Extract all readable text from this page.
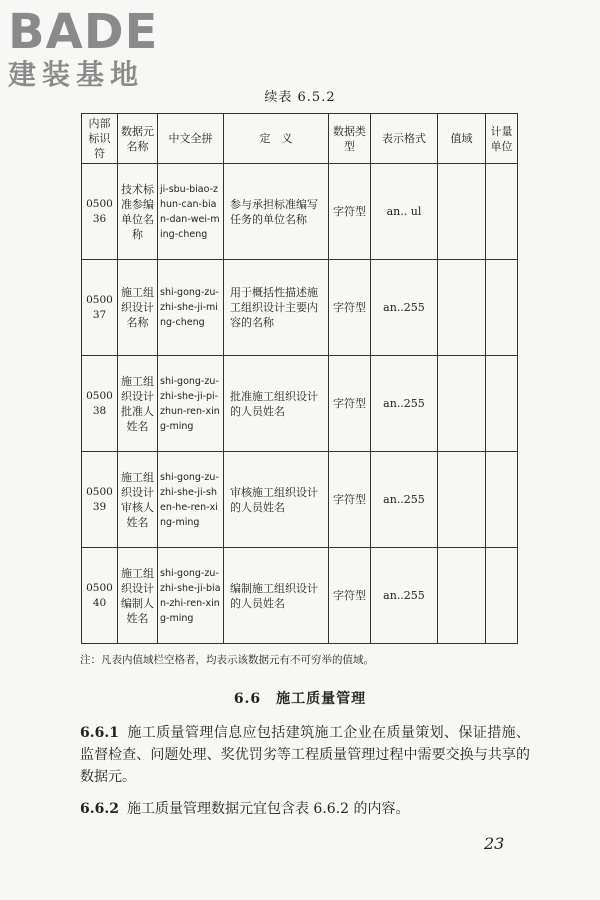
BADE
建装基地
续表 6.5.2
内部标识符	数据元名称	中文全拼	定　义	数据类型	表示格式	值域	计量单位
050036	技术标准参编单位名称	ji-sbu-biao-zhun-can-bian-dan-wei-ming-cheng	参与承担标准编写任务的单位名称	字符型	an.. ul		
050037	施工组织设计名称	shi-gong-zu-zhi-she-ji-ming-cheng	用于概括性描述施工组织设计主要内容的名称	字符型	an..255		
050038	施工组织设计批准人姓名	shi-gong-zu-zhi-she-ji-pi-zhun-ren-xing-ming	批准施工组织设计的人员姓名	字符型	an..255		
050039	施工组织设计审核人姓名	shi-gong-zu-zhi-she-ji-shen-he-ren-xing-ming	审核施工组织设计的人员姓名	字符型	an..255		
050040	施工组织设计编制人姓名	shi-gong-zu-zhi-she-ji-bian-zhi-ren-xing-ming	编制施工组织设计的人员姓名	字符型	an..255		
注：凡表内值域栏空格者，均表示该数据元有不可穷举的值域。
6.6　施工质量管理
6.6.1 施工质量管理信息应包括建筑施工企业在质量策划、保证措施、监督检查、问题处理、奖优罚劣等工程质量管理过程中需要交换与共享的数据元。
6.6.2 施工质量管理数据元宜包含表 6.6.2 的内容。
23
